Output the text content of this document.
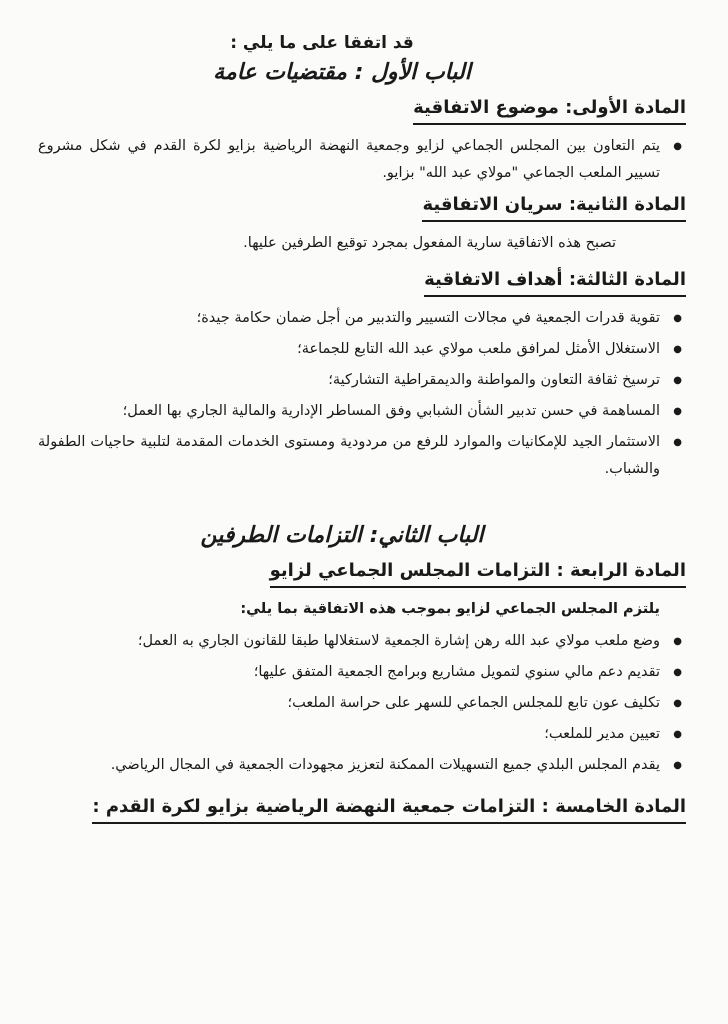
قد اتفقا على ما يلي :

الباب الأول : مقتضيات عامة

المادة الأولى: موضوع الاتفاقية

● يتم التعاون بين المجلس الجماعي لزايو وجمعية النهضة الرياضية بزايو لكرة القدم في شكل مشروع تسيير الملعب الجماعي "مولاي عبد الله" بزايو.

المادة الثانية: سريان الاتفاقية

تصبح هذه الاتفاقية سارية المفعول بمجرد توقيع الطرفين عليها.

المادة الثالثة: أهداف الاتفاقية

● تقوية قدرات الجمعية في مجالات التسيير والتدبير من أجل ضمان حكامة جيدة؛
● الاستغلال الأمثل لمرافق ملعب مولاي عبد الله التابع للجماعة؛
● ترسيخ ثقافة التعاون والمواطنة والديمقراطية التشاركية؛
● المساهمة في حسن تدبير الشأن الشبابي وفق المساطر الإدارية والمالية الجاري بها العمل؛
● الاستثمار الجيد للإمكانيات والموارد للرفع من مردودية ومستوى الخدمات المقدمة لتلبية حاجيات الطفولة والشباب.

الباب الثاني: التزامات الطرفين

المادة الرابعة : التزامات المجلس الجماعي لزايو

يلتزم المجلس الجماعي لزايو بموجب هذه الاتفاقية بما يلي:

● وضع ملعب مولاي عبد الله رهن إشارة الجمعية لاستغلالها طبقا للقانون الجاري به العمل؛
● تقديم دعم مالي سنوي لتمويل مشاريع وبرامج الجمعية المتفق عليها؛
● تكليف عون تابع للمجلس الجماعي للسهر على حراسة الملعب؛
● تعيين مدير للملعب؛
● يقدم المجلس البلدي جميع التسهيلات الممكنة لتعزيز مجهودات الجمعية في المجال الرياضي.

المادة الخامسة : التزامات جمعية النهضة الرياضية بزايو لكرة القدم :
